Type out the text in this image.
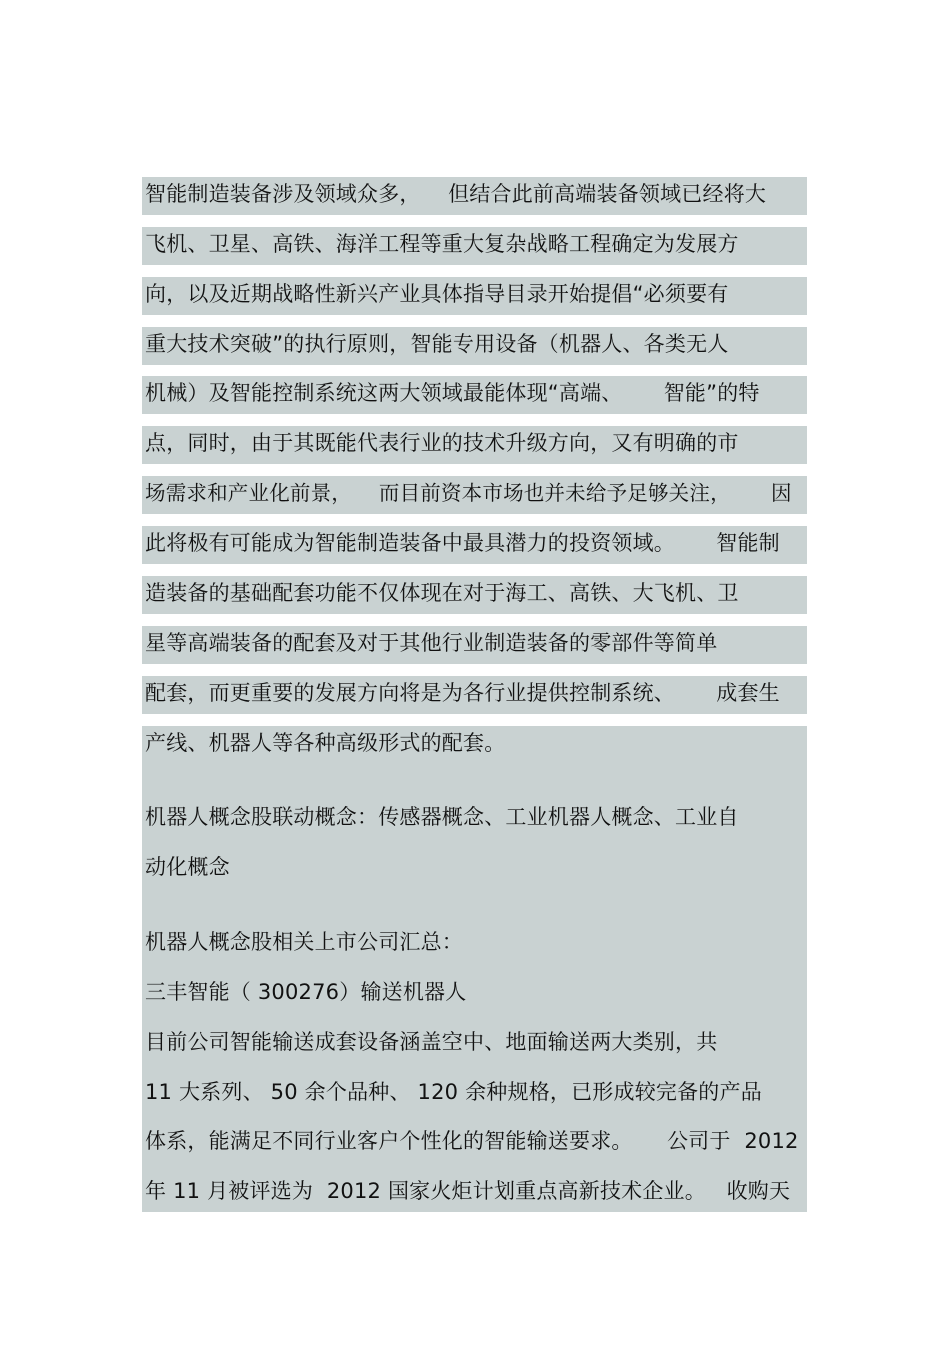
智能制造装备涉及领域众多，    但结合此前高端装备领域已经将大
飞机、卫星、高铁、海洋工程等重大复杂战略工程确定为发展方
向，以及近期战略性新兴产业具体指导目录开始提倡“必须要有
重大技术突破”的执行原则，智能专用设备（机器人、各类无人
机械）及智能控制系统这两大领域最能体现“高端、      智能”的特
点，同时，由于其既能代表行业的技术升级方向，又有明确的市
场需求和产业化前景，    而目前资本市场也并未给予足够关注，      因
此将极有可能成为智能制造装备中最具潜力的投资领域。      智能制
造装备的基础配套功能不仅体现在对于海工、高铁、大飞机、卫
星等高端装备的配套及对于其他行业制造装备的零部件等简单
配套，而更重要的发展方向将是为各行业提供控制系统、      成套生
产线、机器人等各种高级形式的配套。
机器人概念股联动概念：传感器概念、工业机器人概念、工业自
动化概念
机器人概念股相关上市公司汇总：
三丰智能（ 300276）输送机器人
目前公司智能输送成套设备涵盖空中、地面输送两大类别，共
11 大系列、 50 余个品种、 120 余种规格，已形成较完备的产品
体系，能满足不同行业客户个性化的智能输送要求。     公司于  2012
年 11 月被评选为  2012 国家火炬计划重点高新技术企业。   收购天
